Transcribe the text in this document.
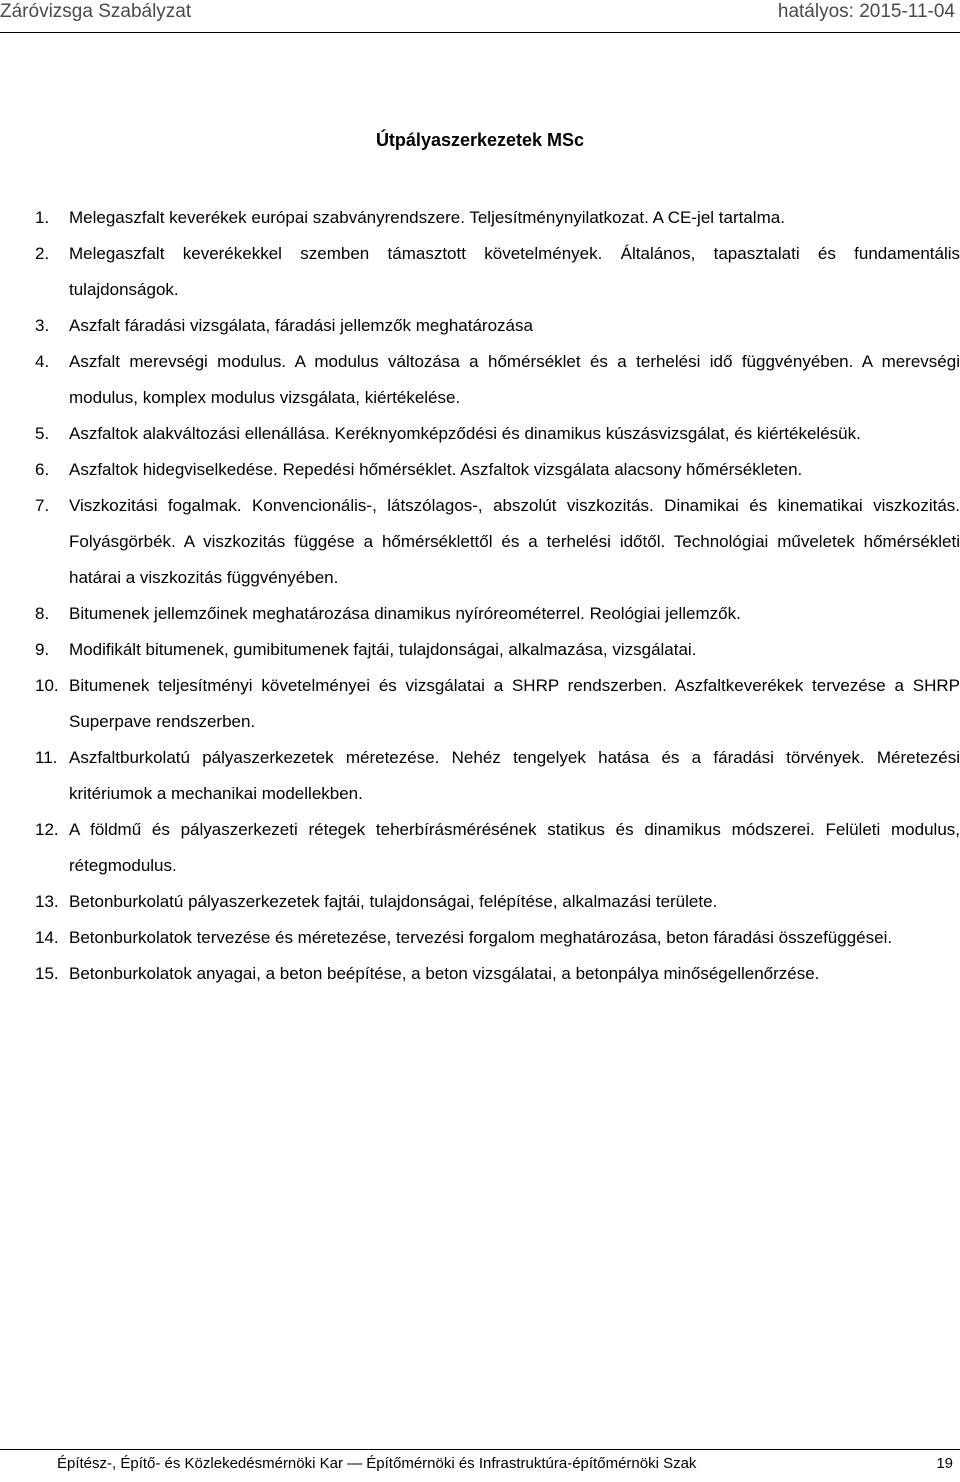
Záróvizsga Szabályzat	hatályos: 2015-11-04
Útpályaszerkezetek MSc
1. Melegaszfalt keverékek európai szabványrendszere. Teljesítménynyilatkozat. A CE-jel tartalma.
2. Melegaszfalt keverékekkel szemben támasztott követelmények. Általános, tapasztalati és fundamentális tulajdonságok.
3. Aszfalt fáradási vizsgálata, fáradási jellemzők meghatározása
4. Aszfalt merevségi modulus. A modulus változása a hőmérséklet és a terhelési idő függvényében. A merevségi modulus, komplex modulus vizsgálata, kiértékelése.
5. Aszfaltok alakváltozási ellenállása. Keréknyomképződési és dinamikus kúszásvizsgálat, és kiértékelésük.
6. Aszfaltok hidegviselkedése. Repedési hőmérséklet. Aszfaltok vizsgálata alacsony hőmérsékleten.
7. Viszkozitási fogalmak. Konvencionális-, látszólagos-, abszolút viszkozitás. Dinamikai és kinematikai viszkozitás. Folyásgörbék. A viszkozitás függése a hőmérséklettől és a terhelési időtől. Technológiai műveletek hőmérsékleti határai a viszkozitás függvényében.
8. Bitumenek jellemzőinek meghatározása dinamikus nyíróreométerrel. Reológiai jellemzők.
9. Modifikált bitumenek, gumibitumenek fajtái, tulajdonságai, alkalmazása, vizsgálatai.
10. Bitumenek teljesítményi követelményei és vizsgálatai a SHRP rendszerben. Aszfaltkeverékek tervezése a SHRP Superpave rendszerben.
11. Aszfaltburkolatú pályaszerkezetek méretezése. Nehéz tengelyek hatása és a fáradási törvények. Méretezési kritériumok a mechanikai modellekben.
12. A földmű és pályaszerkezeti rétegek teherbírásmérésének statikus és dinamikus módszerei. Felületi modulus, rétegmodulus.
13. Betonburkolatú pályaszerkezetek fajtái, tulajdonságai, felépítése, alkalmazási területe.
14. Betonburkolatok tervezése és méretezése, tervezési forgalom meghatározása, beton fáradási összefüggései.
15. Betonburkolatok anyagai, a beton beépítése, a beton vizsgálatai, a betonpálya minőségellenőrzése.
Építész-, Építő- és Közlekedésmérnöki Kar — Építőmérnöki és Infrastruktúra-építőmérnöki Szak	19
